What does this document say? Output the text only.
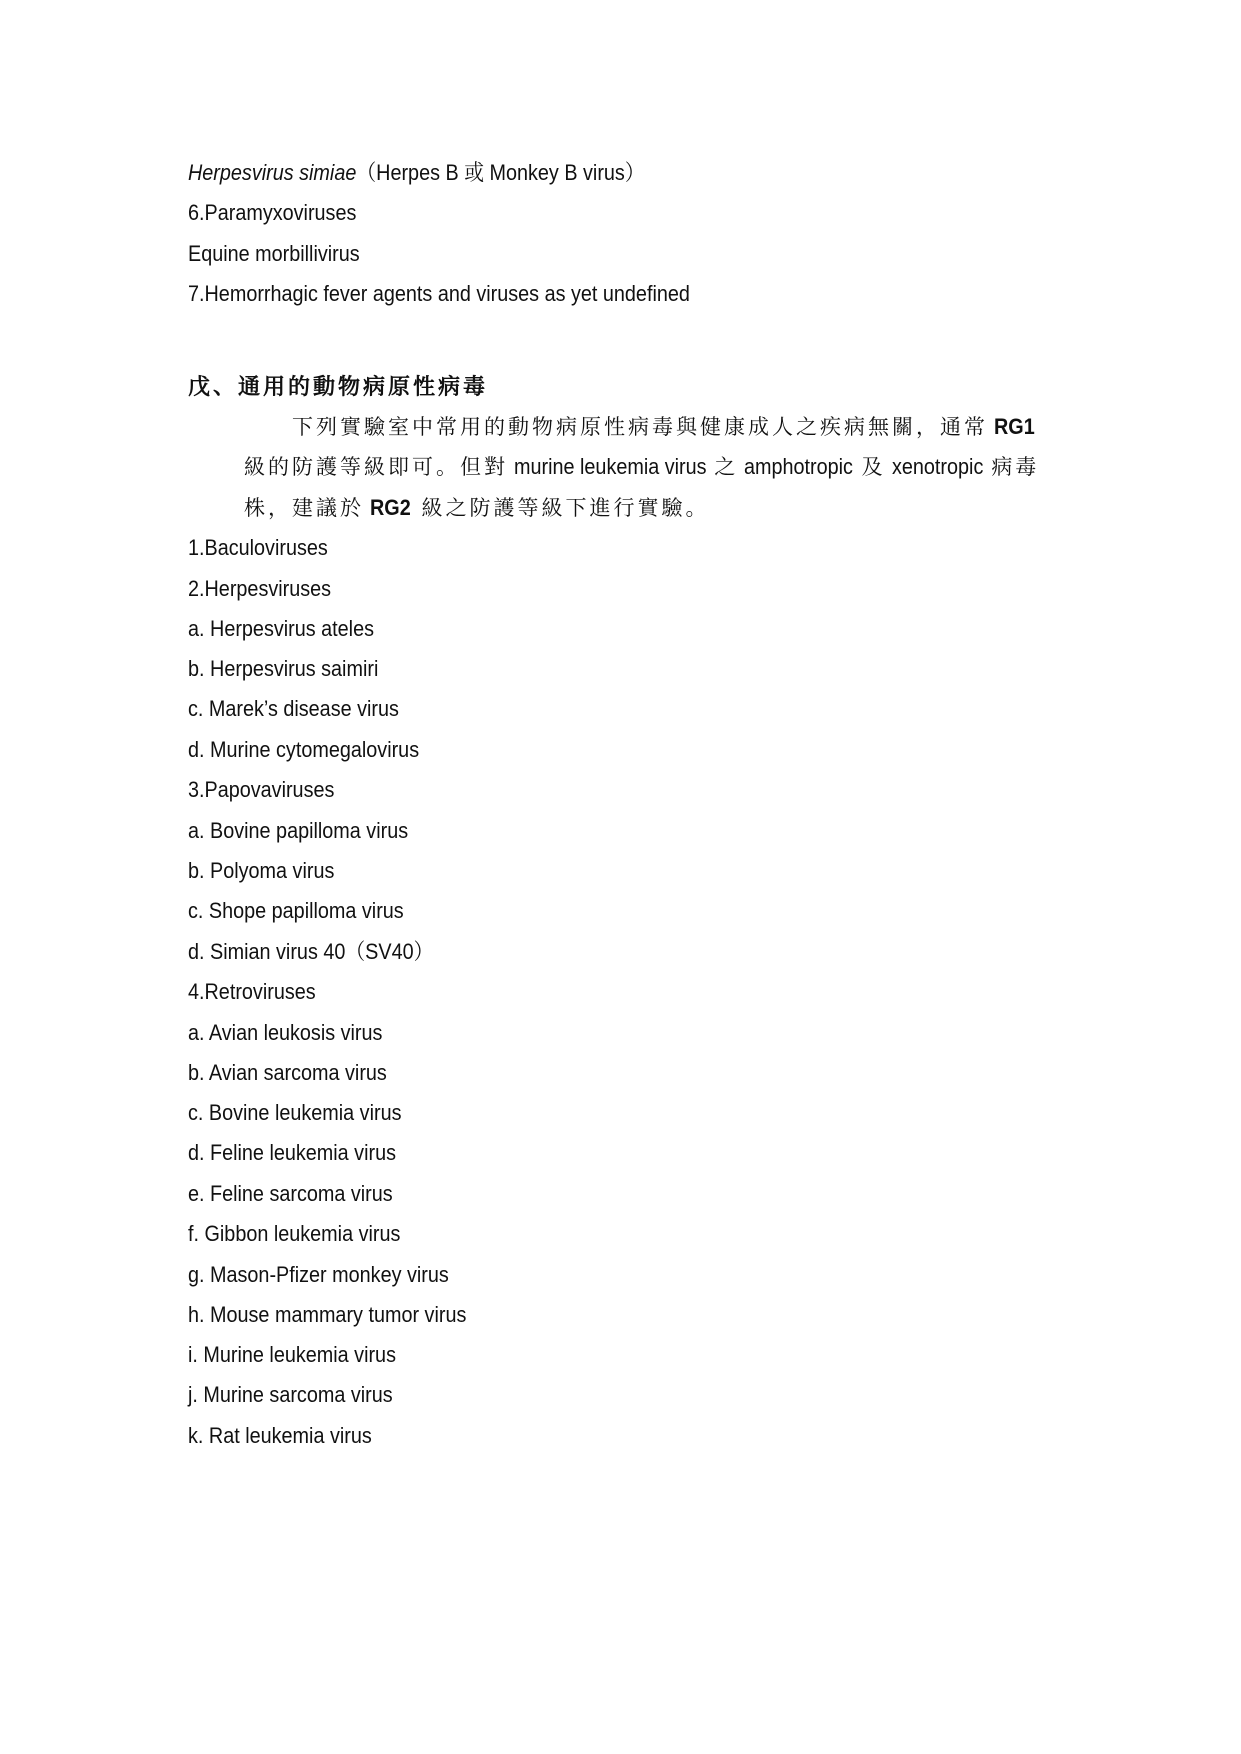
Herpesvirus simiae（Herpes B 或 Monkey B virus）
6.Paramyxoviruses
Equine morbillivirus
7.Hemorrhagic fever agents and viruses as yet undefined
戊、通用的動物病原性病毒
下列實驗室中常用的動物病原性病毒與健康成人之疾病無關，通常 RG1
級的防護等級即可。但對 murine leukemia virus 之 amphotropic 及 xenotropic 病毒
株，建議於 RG2 級之防護等級下進行實驗。
1.Baculoviruses
2.Herpesviruses
a. Herpesvirus ateles
b. Herpesvirus saimiri
c. Marek’s disease virus
d. Murine cytomegalovirus
3.Papovaviruses
a. Bovine papilloma virus
b. Polyoma virus
c. Shope papilloma virus
d. Simian virus 40（SV40）
4.Retroviruses
a. Avian leukosis virus
b. Avian sarcoma virus
c. Bovine leukemia virus
d. Feline leukemia virus
e. Feline sarcoma virus
f. Gibbon leukemia virus
g. Mason-Pfizer monkey virus
h. Mouse mammary tumor virus
i. Murine leukemia virus
j. Murine sarcoma virus
k. Rat leukemia virus
